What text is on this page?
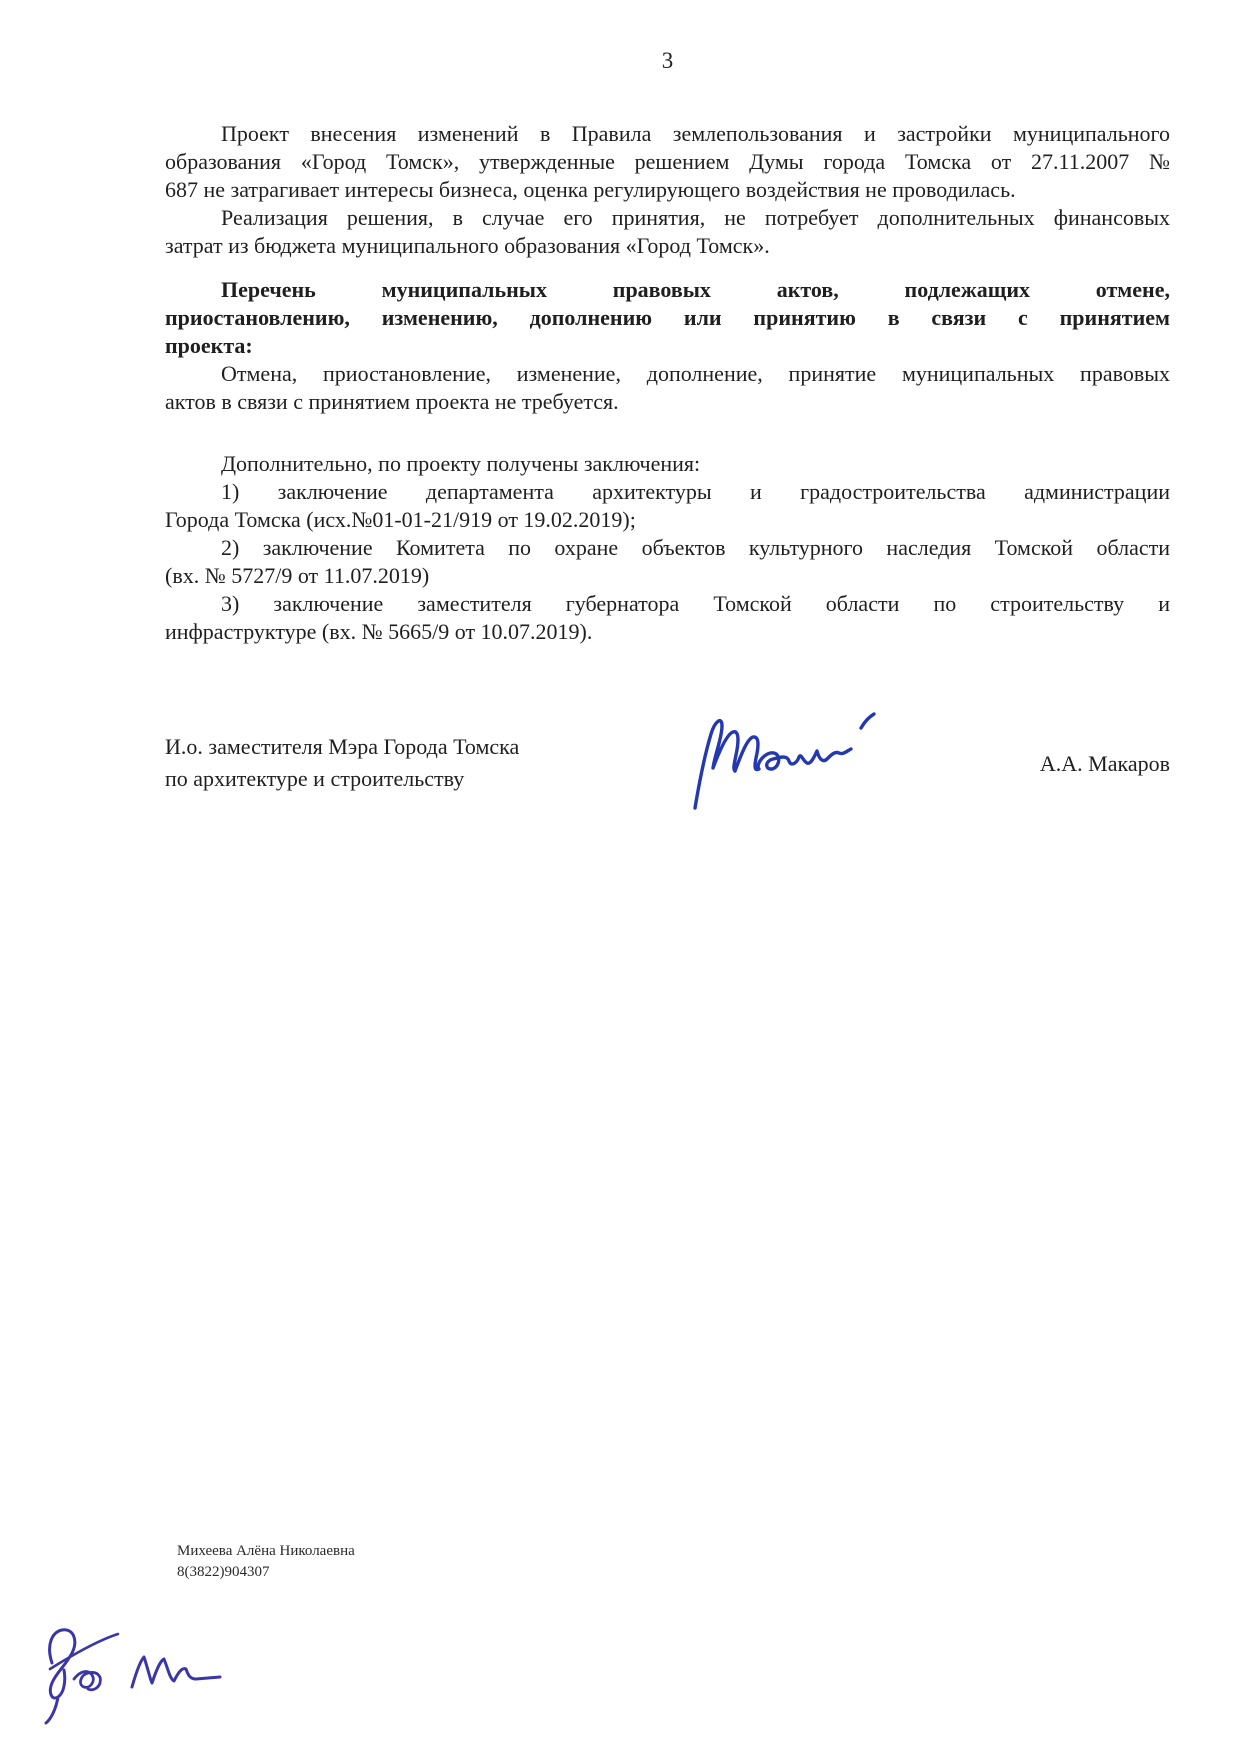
3
Проект внесения изменений в Правила землепользования и застройки муниципального
образования «Город Томск», утвержденные решением Думы города Томска от 27.11.2007 №
687 не затрагивает интересы бизнеса, оценка регулирующего воздействия не проводилась.
Реализация решения, в случае его принятия, не потребует дополнительных финансовых
затрат из бюджета муниципального образования «Город Томск».
Перечень муниципальных правовых актов, подлежащих отмене,
приостановлению, изменению, дополнению или принятию в связи с принятием
проекта:
Отмена, приостановление, изменение, дополнение, принятие муниципальных правовых
актов в связи с принятием проекта не требуется.
Дополнительно, по проекту получены заключения:
1) заключение департамента архитектуры и градостроительства администрации
Города Томска (исх.№01-01-21/919 от 19.02.2019);
2) заключение Комитета по охране объектов культурного наследия Томской области
(вх. № 5727/9 от 11.07.2019)
3) заключение заместителя губернатора Томской области по строительству и
инфраструктуре (вх. № 5665/9 от 10.07.2019).
И.о. заместителя Мэра Города Томска
по архитектуре и строительству
А.А. Макаров
Михеева Алёна Николаевна
8(3822)904307
